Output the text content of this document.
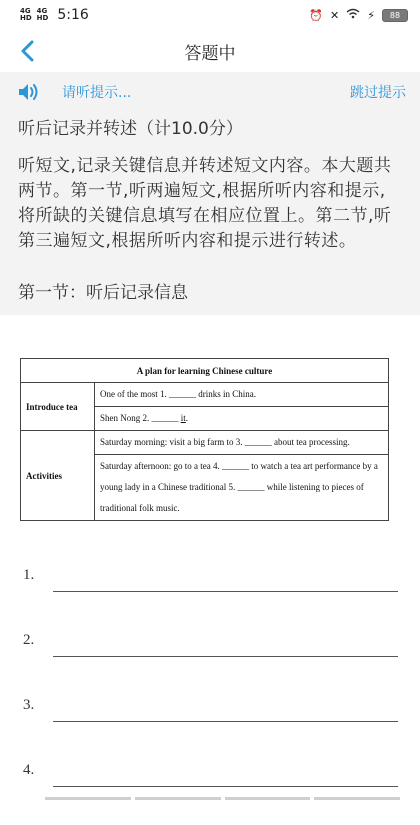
4G
HD
4G
HD 5:16	⏰ ✕	⚡	88
答题中
请听提示...	跳过提示
听后记录并转述（计10.0分）
听短文,记录关键信息并转述短文内容。本大题共两节。第一节,听两遍短文,根据所听内容和提示,将所缺的关键信息填写在相应位置上。第二节,听第三遍短文,根据所听内容和提示进行转述。
第一节：听后记录信息
A plan for learning Chinese culture	
Introduce tea	One of the most 1. ______ drinks in China.
	Shen Nong 2. ______ it.
Activities	Saturday morning: visit a big farm to 3. ______ about tea processing.
	Saturday afternoon: go to a tea 4. ______ to watch a tea art performance by a young lady in a Chinese traditional 5. ______ while listening to pieces of traditional folk music.
1.
2.
3.
4.
